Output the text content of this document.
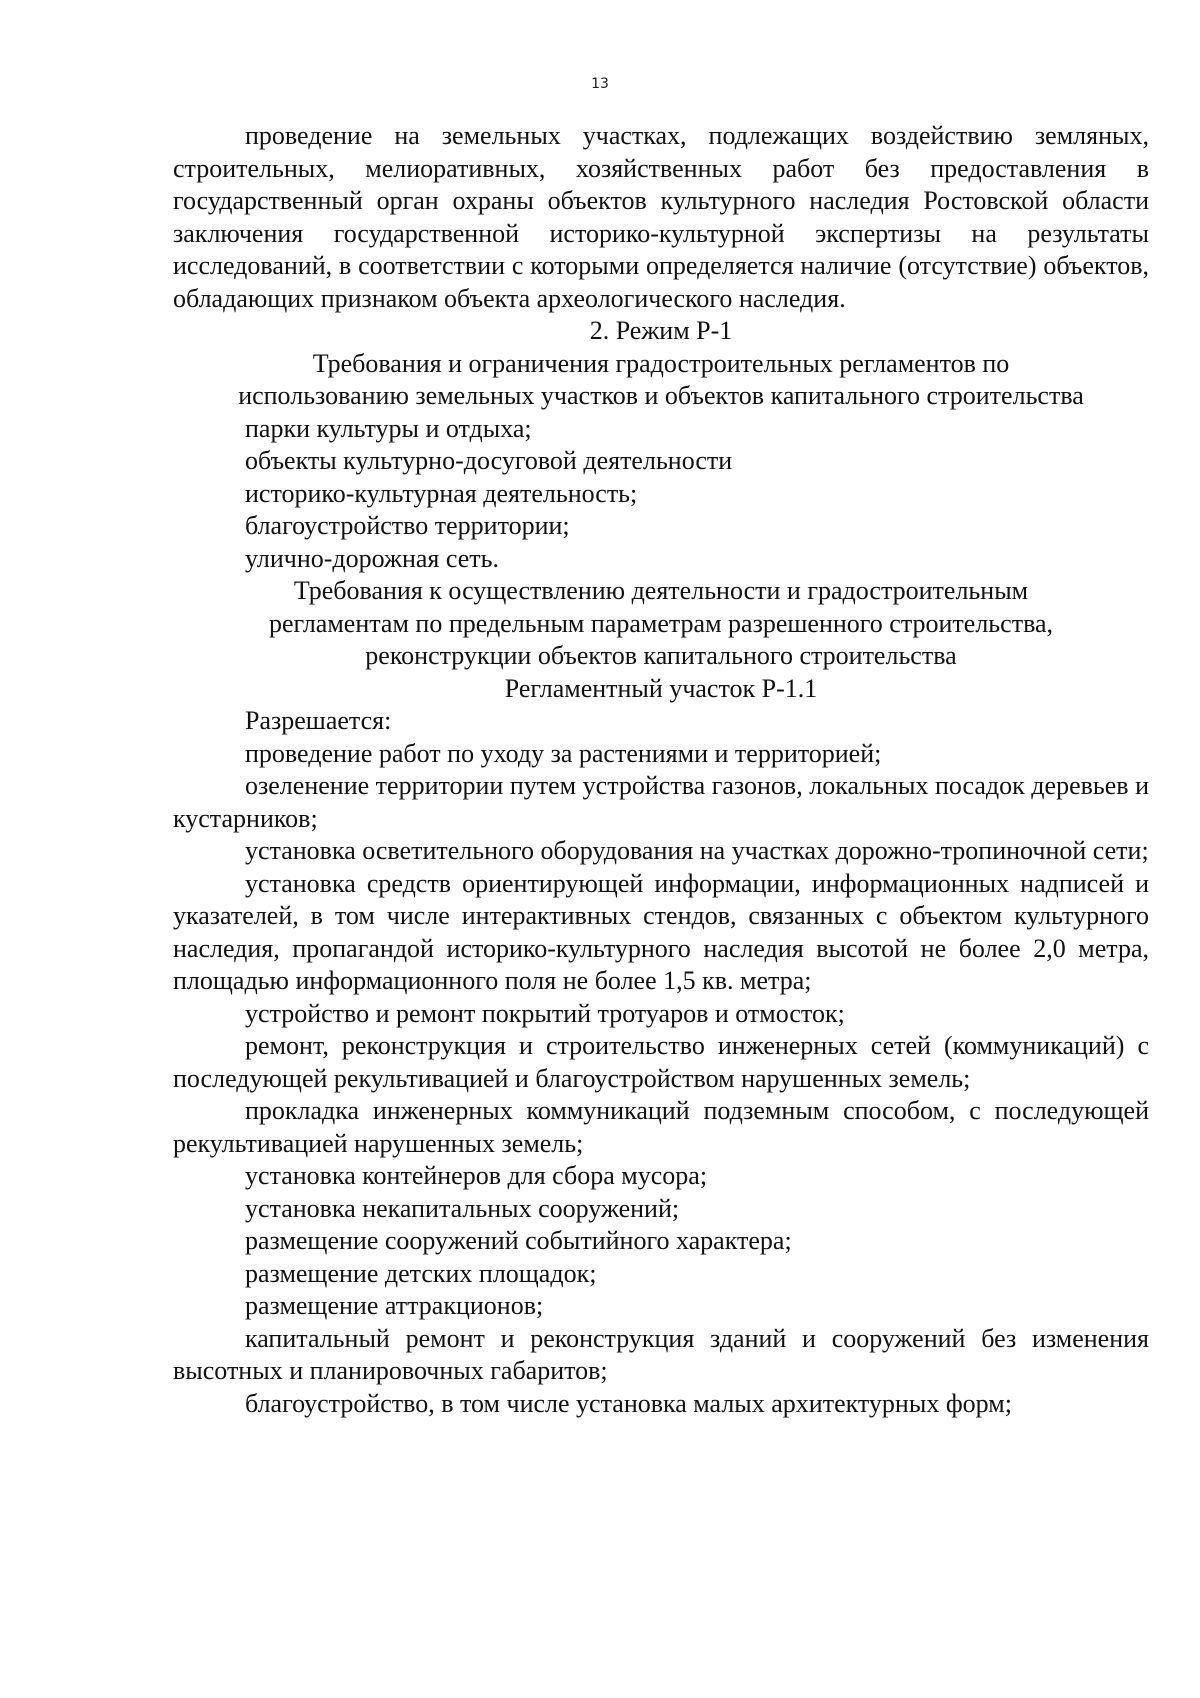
13

проведение на земельных участках, подлежащих воздействию земляных, строительных, мелиоративных, хозяйственных работ без предоставления в государственный орган охраны объектов культурного наследия Ростовской области заключения государственной историко-культурной экспертизы на результаты исследований, в соответствии с которыми определяется наличие (отсутствие) объектов, обладающих признаком объекта археологического наследия.

2. Режим Р-1

Требования и ограничения градостроительных регламентов по

использованию земельных участков и объектов капитального строительства

парки культуры и отдыха;

объекты культурно-досуговой деятельности

историко-культурная деятельность;

благоустройство территории;

улично-дорожная сеть.

Требования к осуществлению деятельности и градостроительным

регламентам по предельным параметрам разрешенного строительства,

реконструкции объектов капитального строительства

Регламентный участок Р-1.1

Разрешается:

проведение работ по уходу за растениями и территорией;

озеленение территории путем устройства газонов, локальных посадок деревьев и кустарников;

установка осветительного оборудования на участках дорожно-тропиночной сети;

установка средств ориентирующей информации, информационных надписей и указателей, в том числе интерактивных стендов, связанных с объектом культурного наследия, пропагандой историко-культурного наследия высотой не более 2,0 метра, площадью информационного поля не более 1,5 кв. метра;

устройство и ремонт покрытий тротуаров и отмосток;

ремонт, реконструкция и строительство инженерных сетей (коммуникаций) с последующей рекультивацией и благоустройством нарушенных земель;

прокладка инженерных коммуникаций подземным способом, с последующей рекультивацией нарушенных земель;

установка контейнеров для сбора мусора;

установка некапитальных сооружений;

размещение сооружений событийного характера;

размещение детских площадок;

размещение аттракционов;

капитальный ремонт и реконструкция зданий и сооружений без изменения высотных и планировочных габаритов;

благоустройство, в том числе установка малых архитектурных форм;
